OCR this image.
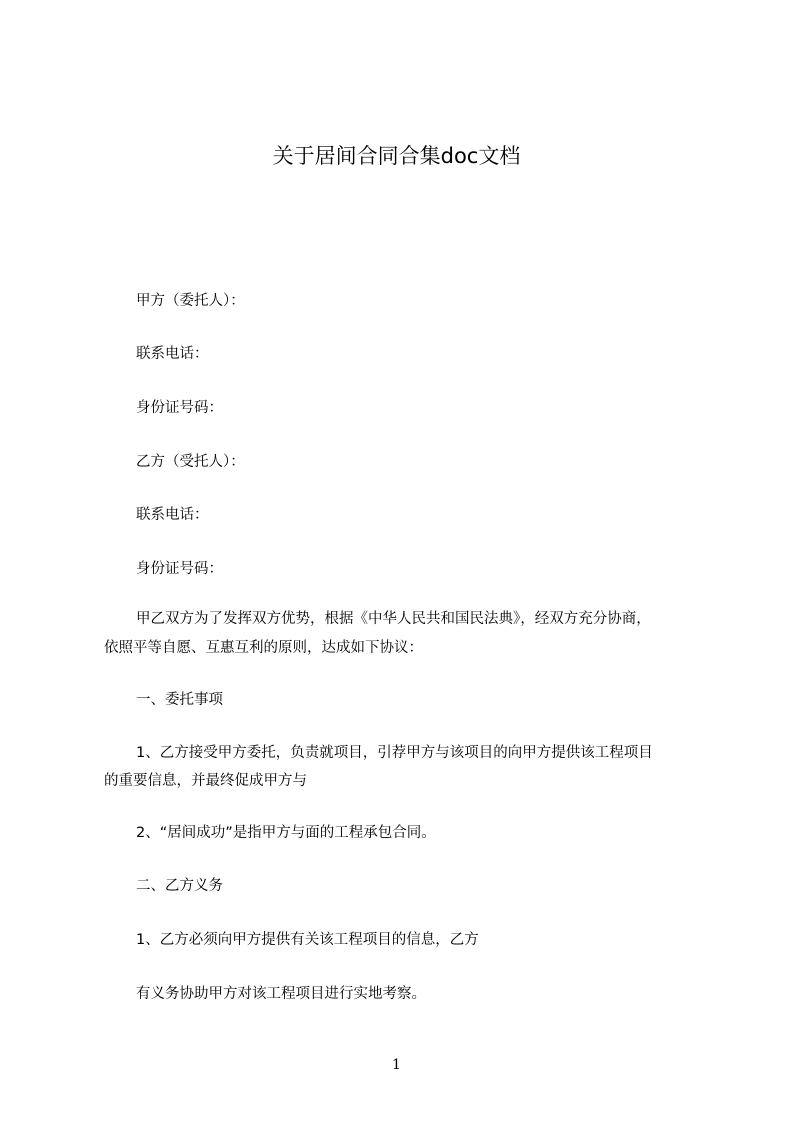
关于居间合同合集doc文档
甲方（委托人）：
联系电话：
身份证号码：
乙方（受托人）：
联系电话：
身份证号码：
甲乙双方为了发挥双方优势，根据《中华人民共和国民法典》，经双方充分协商，
依照平等自愿、互惠互利的原则，达成如下协议：
一、委托事项
1、乙方接受甲方委托，负责就项目，引荐甲方与该项目的向甲方提供该工程项目
的重要信息，并最终促成甲方与
2、“居间成功”是指甲方与面的工程承包合同。
二、乙方义务
1、乙方必须向甲方提供有关该工程项目的信息，乙方
有义务协助甲方对该工程项目进行实地考察。
1
